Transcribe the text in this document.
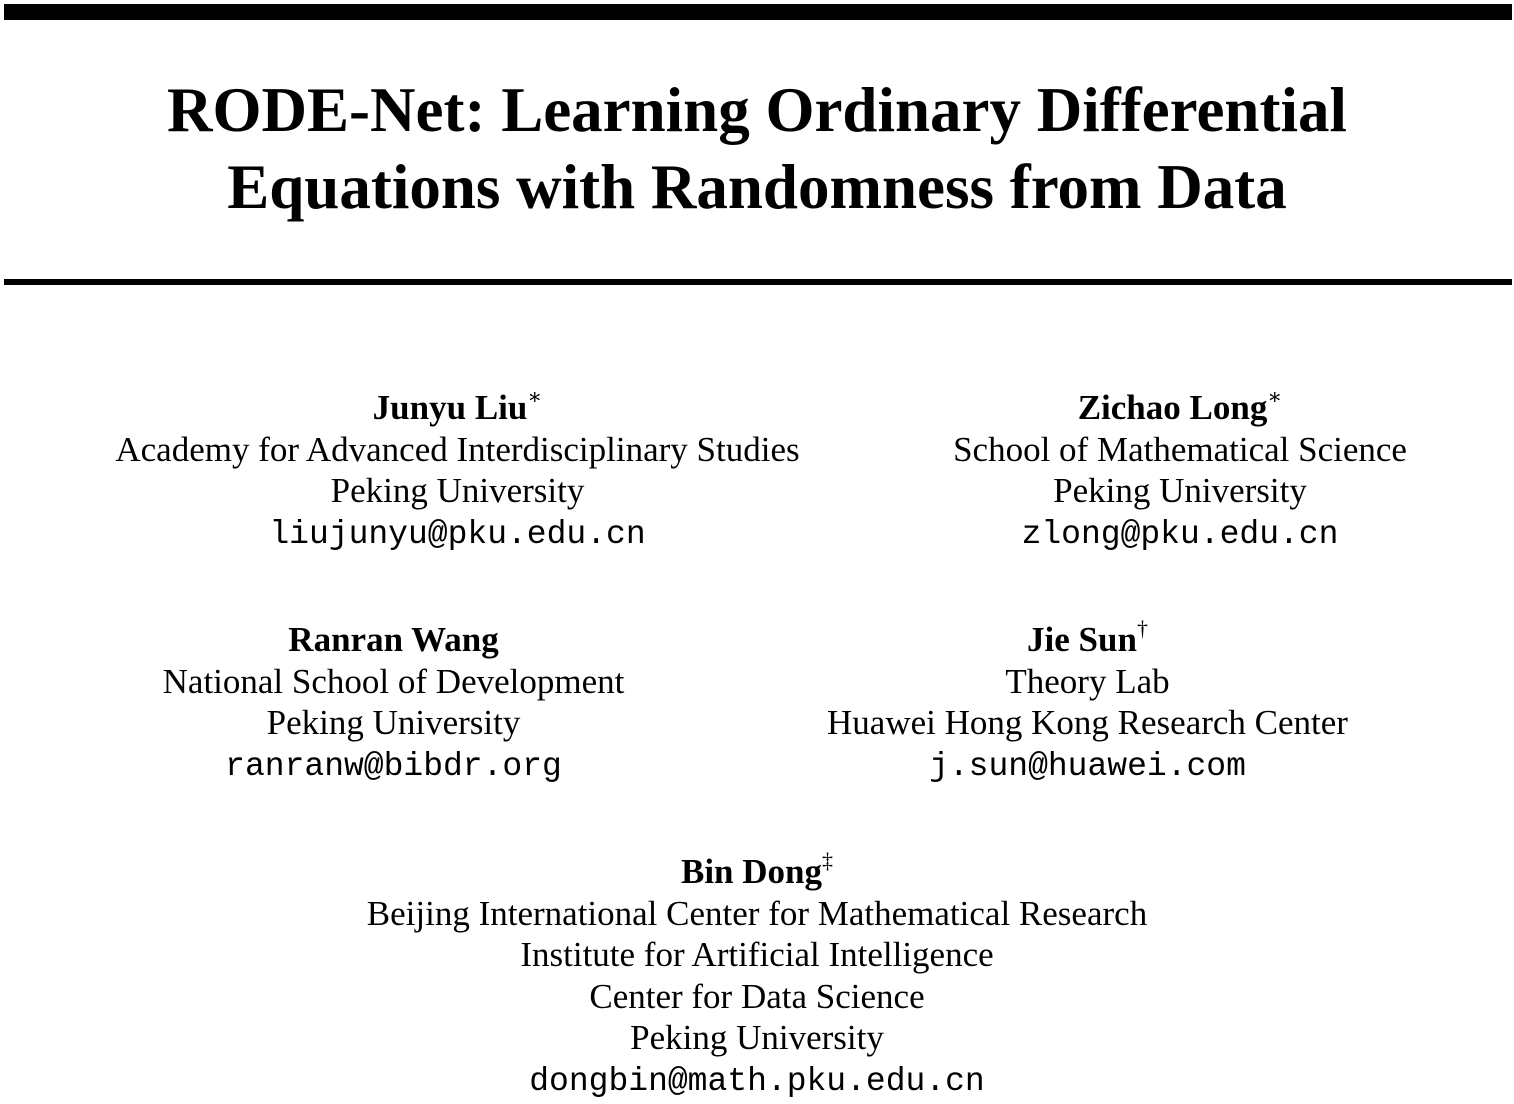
RODE-Net: Learning Ordinary Differential
Equations with Randomness from Data
Junyu Liu∗
Academy for Advanced Interdisciplinary Studies
Peking University
liujunyu@pku.edu.cn
Zichao Long∗
School of Mathematical Science
Peking University
zlong@pku.edu.cn
Ranran Wang
National School of Development
Peking University
ranranw@bibdr.org
Jie Sun†
Theory Lab
Huawei Hong Kong Research Center
j.sun@huawei.com
Bin Dong‡
Beijing International Center for Mathematical Research
Institute for Artificial Intelligence
Center for Data Science
Peking University
dongbin@math.pku.edu.cn
